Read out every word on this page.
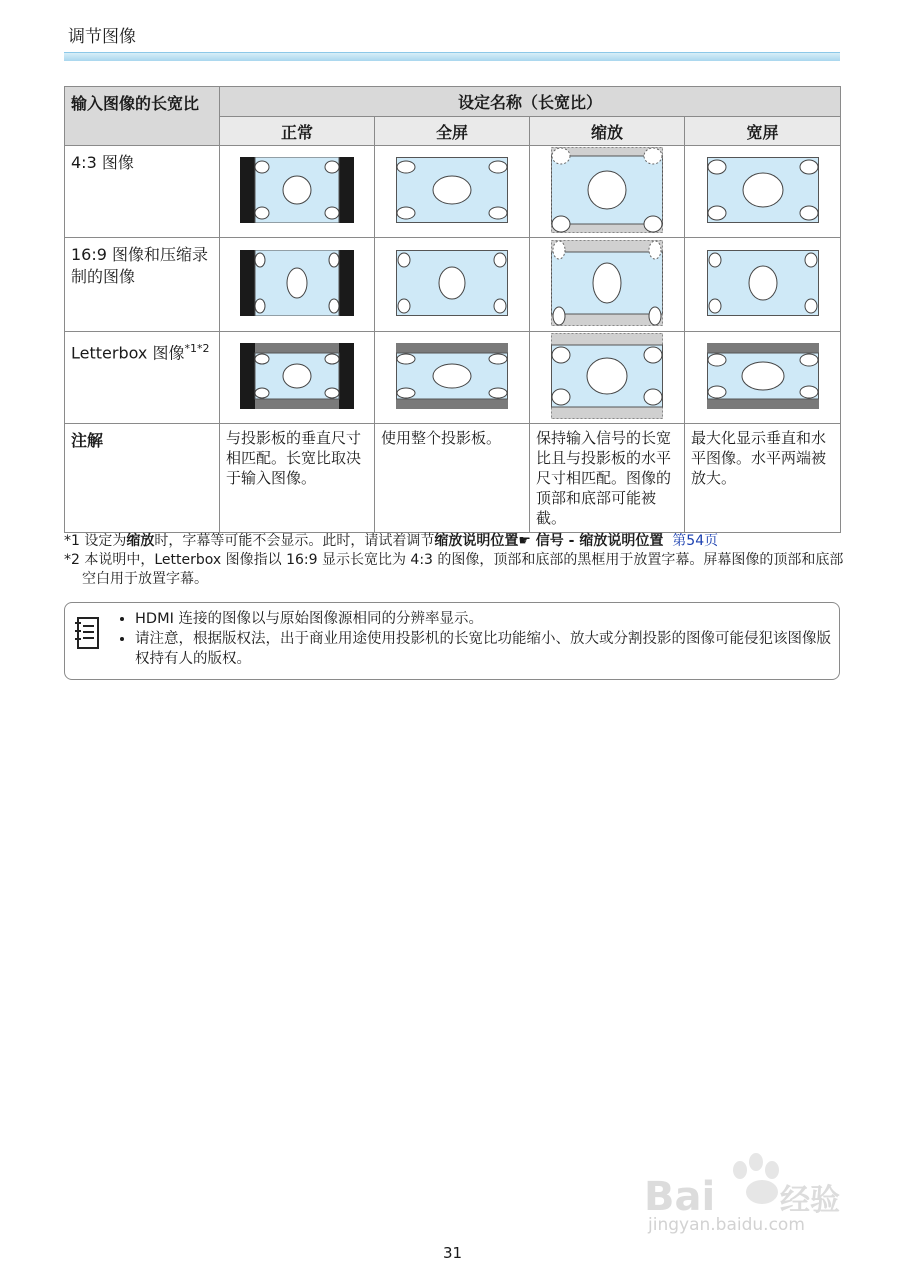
调节图像
输入图像的长宽比	设定名称（长宽比）			
	正常	全屏	缩放	宽屏
4:3 图像				
16:9 图像和压缩录制的图像				
Letterbox 图像$^{*1*2}$				
注解	与投影板的垂直尺寸相匹配。长宽比取决于输入图像。	使用整个投影板。	保持输入信号的长宽比且与投影板的水平尺寸相匹配。图像的顶部和底部可能被截。	最大化显示垂直和水平图像。水平两端被放大。

*1 设定为缩放时，字幕等可能不会显示。此时，请试着调节缩放说明位置☛ 信号 - 缩放说明位置 第54页

*2 本说明中，Letterbox 图像指以 16:9 显示长宽比为 4:3 的图像，顶部和底部的黑框用于放置字幕。屏幕图像的顶部和底部空白用于放置字幕。

• HDMI 连接的图像以与原始图像源相同的分辨率显示。
• 请注意，根据版权法，出于商业用途使用投影机的长宽比功能缩小、放大或分割投影的图像可能侵犯该图像版权持有人的版权。
Bai 经验
jingyan.baidu.com
31
